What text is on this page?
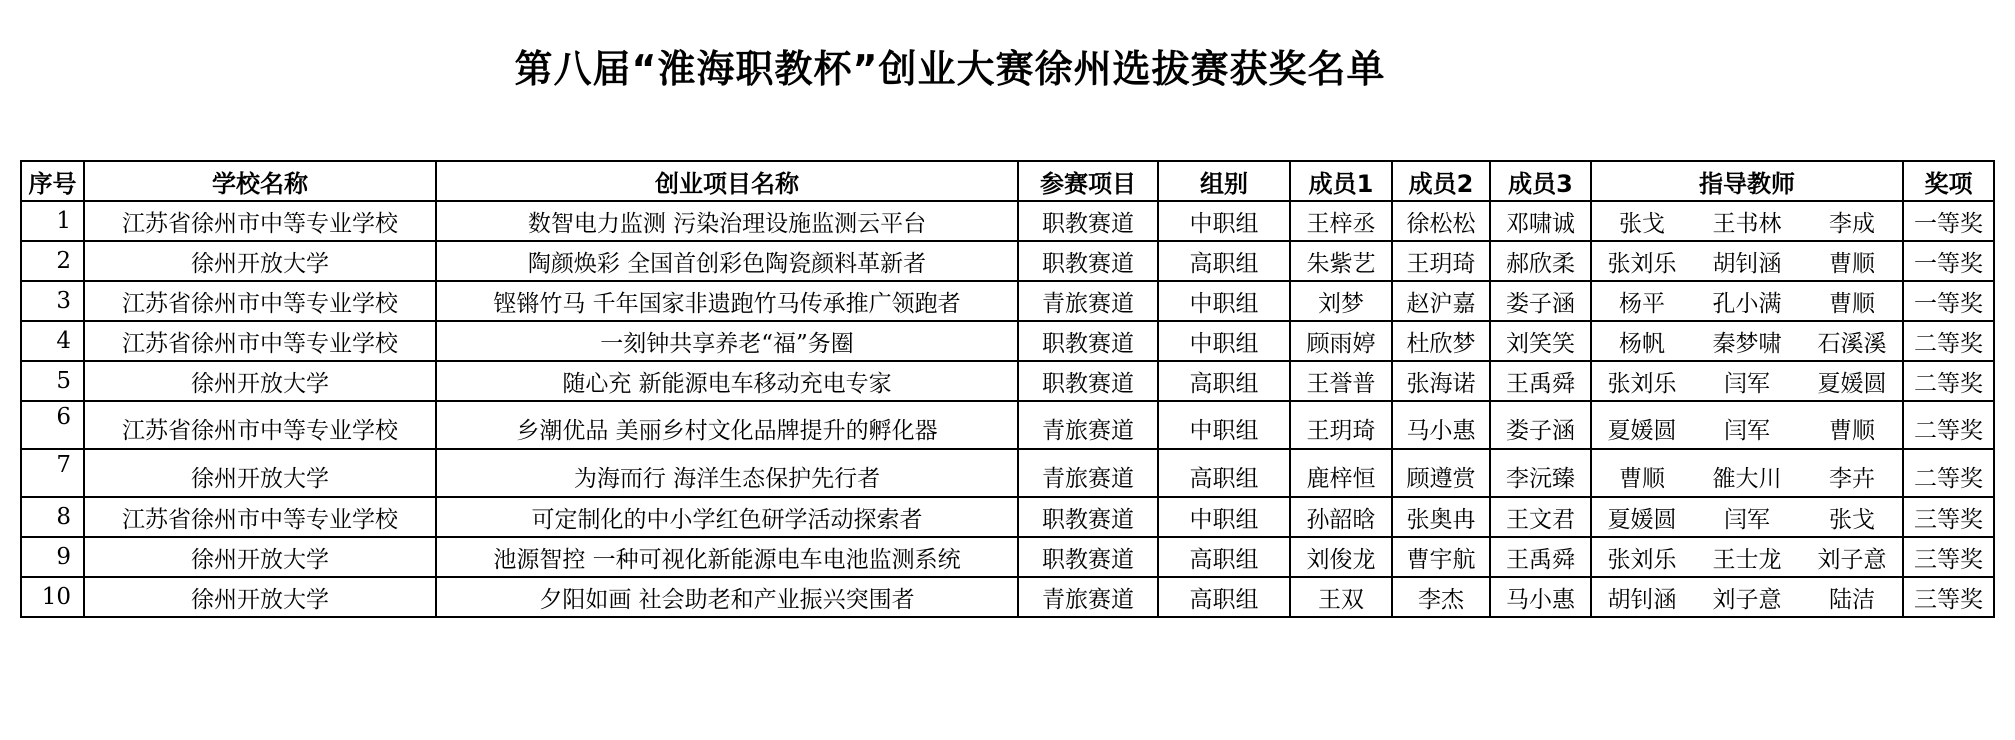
第八届“淮海职教杯”创业大赛徐州选拔赛获奖名单
序号	学校名称	创业项目名称	参赛项目	组别	成员1	成员2	成员3	指导教师			奖项
1	江苏省徐州市中等专业学校	数智电力监测 污染治理设施监测云平台	职教赛道	中职组	王梓丞	徐松松	邓啸诚	张戈	王书林	李成	一等奖
2	徐州开放大学	陶颜焕彩 全国首创彩色陶瓷颜料革新者	职教赛道	高职组	朱紫艺	王玥琦	郝欣柔	张刘乐	胡钊涵	曹顺	一等奖
3	江苏省徐州市中等专业学校	铿锵竹马 千年国家非遗跑竹马传承推广领跑者	青旅赛道	中职组	刘梦	赵沪嘉	娄子涵	杨平	孔小满	曹顺	一等奖
4	江苏省徐州市中等专业学校	一刻钟共享养老“福”务圈	职教赛道	中职组	顾雨婷	杜欣梦	刘笑笑	杨帆	秦梦啸	石溪溪	二等奖
5	徐州开放大学	随心充 新能源电车移动充电专家	职教赛道	高职组	王誉普	张海诺	王禹舜	张刘乐	闫军	夏媛圆	二等奖
6	江苏省徐州市中等专业学校	乡潮优品 美丽乡村文化品牌提升的孵化器	青旅赛道	中职组	王玥琦	马小惠	娄子涵	夏媛圆	闫军	曹顺	二等奖
7	徐州开放大学	为海而行 海洋生态保护先行者	青旅赛道	高职组	鹿梓恒	顾遵赏	李沅臻	曹顺	雒大川	李卉	二等奖
8	江苏省徐州市中等专业学校	可定制化的中小学红色研学活动探索者	职教赛道	中职组	孙韶晗	张奥冉	王文君	夏媛圆	闫军	张戈	三等奖
9	徐州开放大学	池源智控 一种可视化新能源电车电池监测系统	职教赛道	高职组	刘俊龙	曹宇航	王禹舜	张刘乐	王士龙	刘子意	三等奖
10	徐州开放大学	夕阳如画 社会助老和产业振兴突围者	青旅赛道	高职组	王双	李杰	马小惠	胡钊涵	刘子意	陆洁	三等奖
